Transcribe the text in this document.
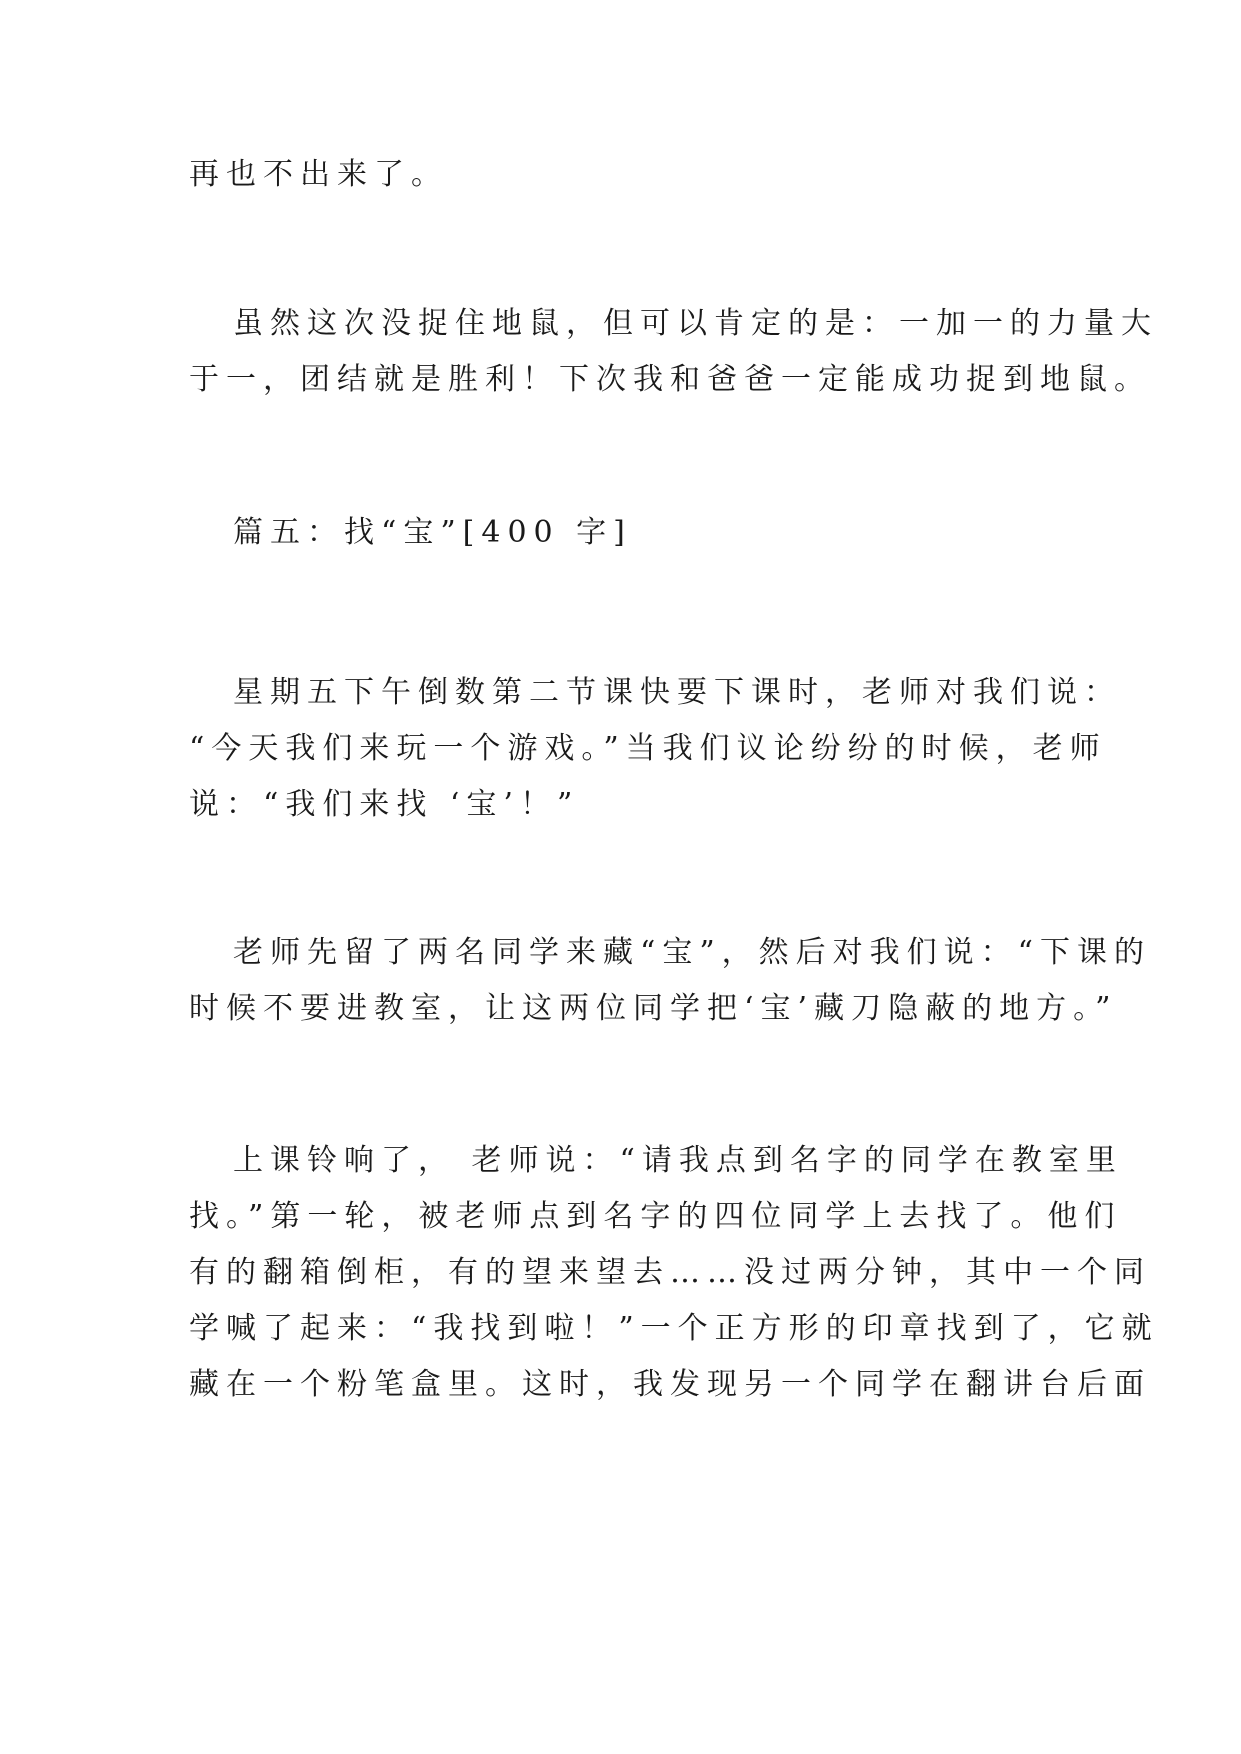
再也不出来了。

虽然这次没捉住地鼠，但可以肯定的是：一加一的力量大
于一，团结就是胜利！下次我和爸爸一定能成功捉到地鼠。

篇五：找“宝”[400 字]

星期五下午倒数第二节课快要下课时，老师对我们说：
“今天我们来玩一个游戏。”当我们议论纷纷的时候，老师
说：“我们来找 ‘宝’！”

老师先留了两名同学来藏“宝”，然后对我们说：“下课的
时候不要进教室，让这两位同学把‘宝’藏刀隐蔽的地方。”

上课铃响了， 老师说：“请我点到名字的同学在教室里
找。”第一轮，被老师点到名字的四位同学上去找了。他们
有的翻箱倒柜，有的望来望去……没过两分钟，其中一个同
学喊了起来：“我找到啦！”一个正方形的印章找到了，它就
藏在一个粉笔盒里。这时，我发现另一个同学在翻讲台后面
